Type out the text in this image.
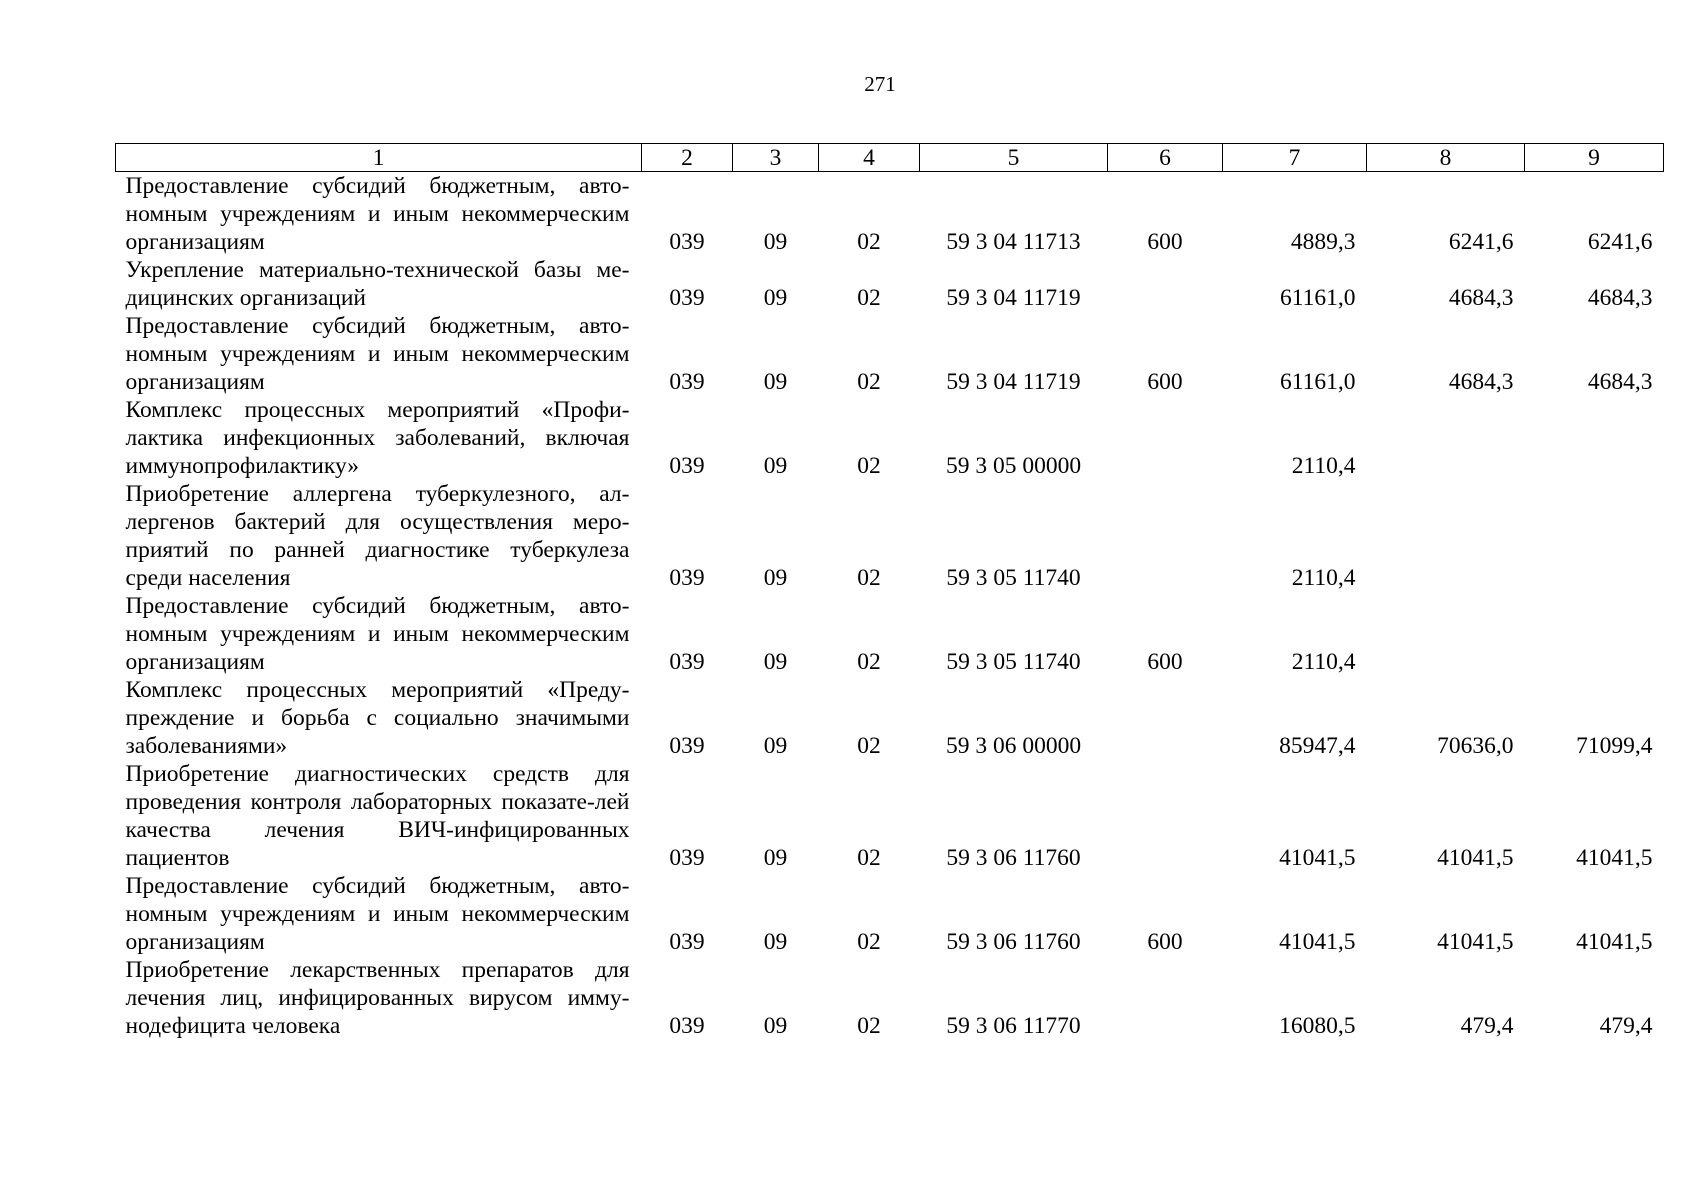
271
1	2	3	4	5	6	7	8	9
Предоставление субсидий бюджетным, авто-номным учреждениям и иным некоммерческим организациям	039	09	02	59 3 04 11713	600	4889,3	6241,6	6241,6
Укрепление материально-технической базы ме-дицинских организаций	039	09	02	59 3 04 11719		61161,0	4684,3	4684,3
Предоставление субсидий бюджетным, авто-номным учреждениям и иным некоммерческим организациям	039	09	02	59 3 04 11719	600	61161,0	4684,3	4684,3
Комплекс процессных мероприятий «Профи-лактика инфекционных заболеваний, включая иммунопрофилактику»	039	09	02	59 3 05 00000		2110,4		
Приобретение аллергена туберкулезного, ал-лергенов бактерий для осуществления меро-приятий по ранней диагностике туберкулеза среди населения	039	09	02	59 3 05 11740		2110,4		
Предоставление субсидий бюджетным, авто-номным учреждениям и иным некоммерческим организациям	039	09	02	59 3 05 11740	600	2110,4		
Комплекс процессных мероприятий «Преду-преждение и борьба с социально значимыми заболеваниями»	039	09	02	59 3 06 00000		85947,4	70636,0	71099,4
Приобретение диагностических средств для проведения контроля лабораторных показате-лей качества лечения ВИЧ-инфицированных пациентов	039	09	02	59 3 06 11760		41041,5	41041,5	41041,5
Предоставление субсидий бюджетным, авто-номным учреждениям и иным некоммерческим организациям	039	09	02	59 3 06 11760	600	41041,5	41041,5	41041,5
Приобретение лекарственных препаратов для лечения лиц, инфицированных вирусом имму-нодефицита человека	039	09	02	59 3 06 11770		16080,5	479,4	479,4
